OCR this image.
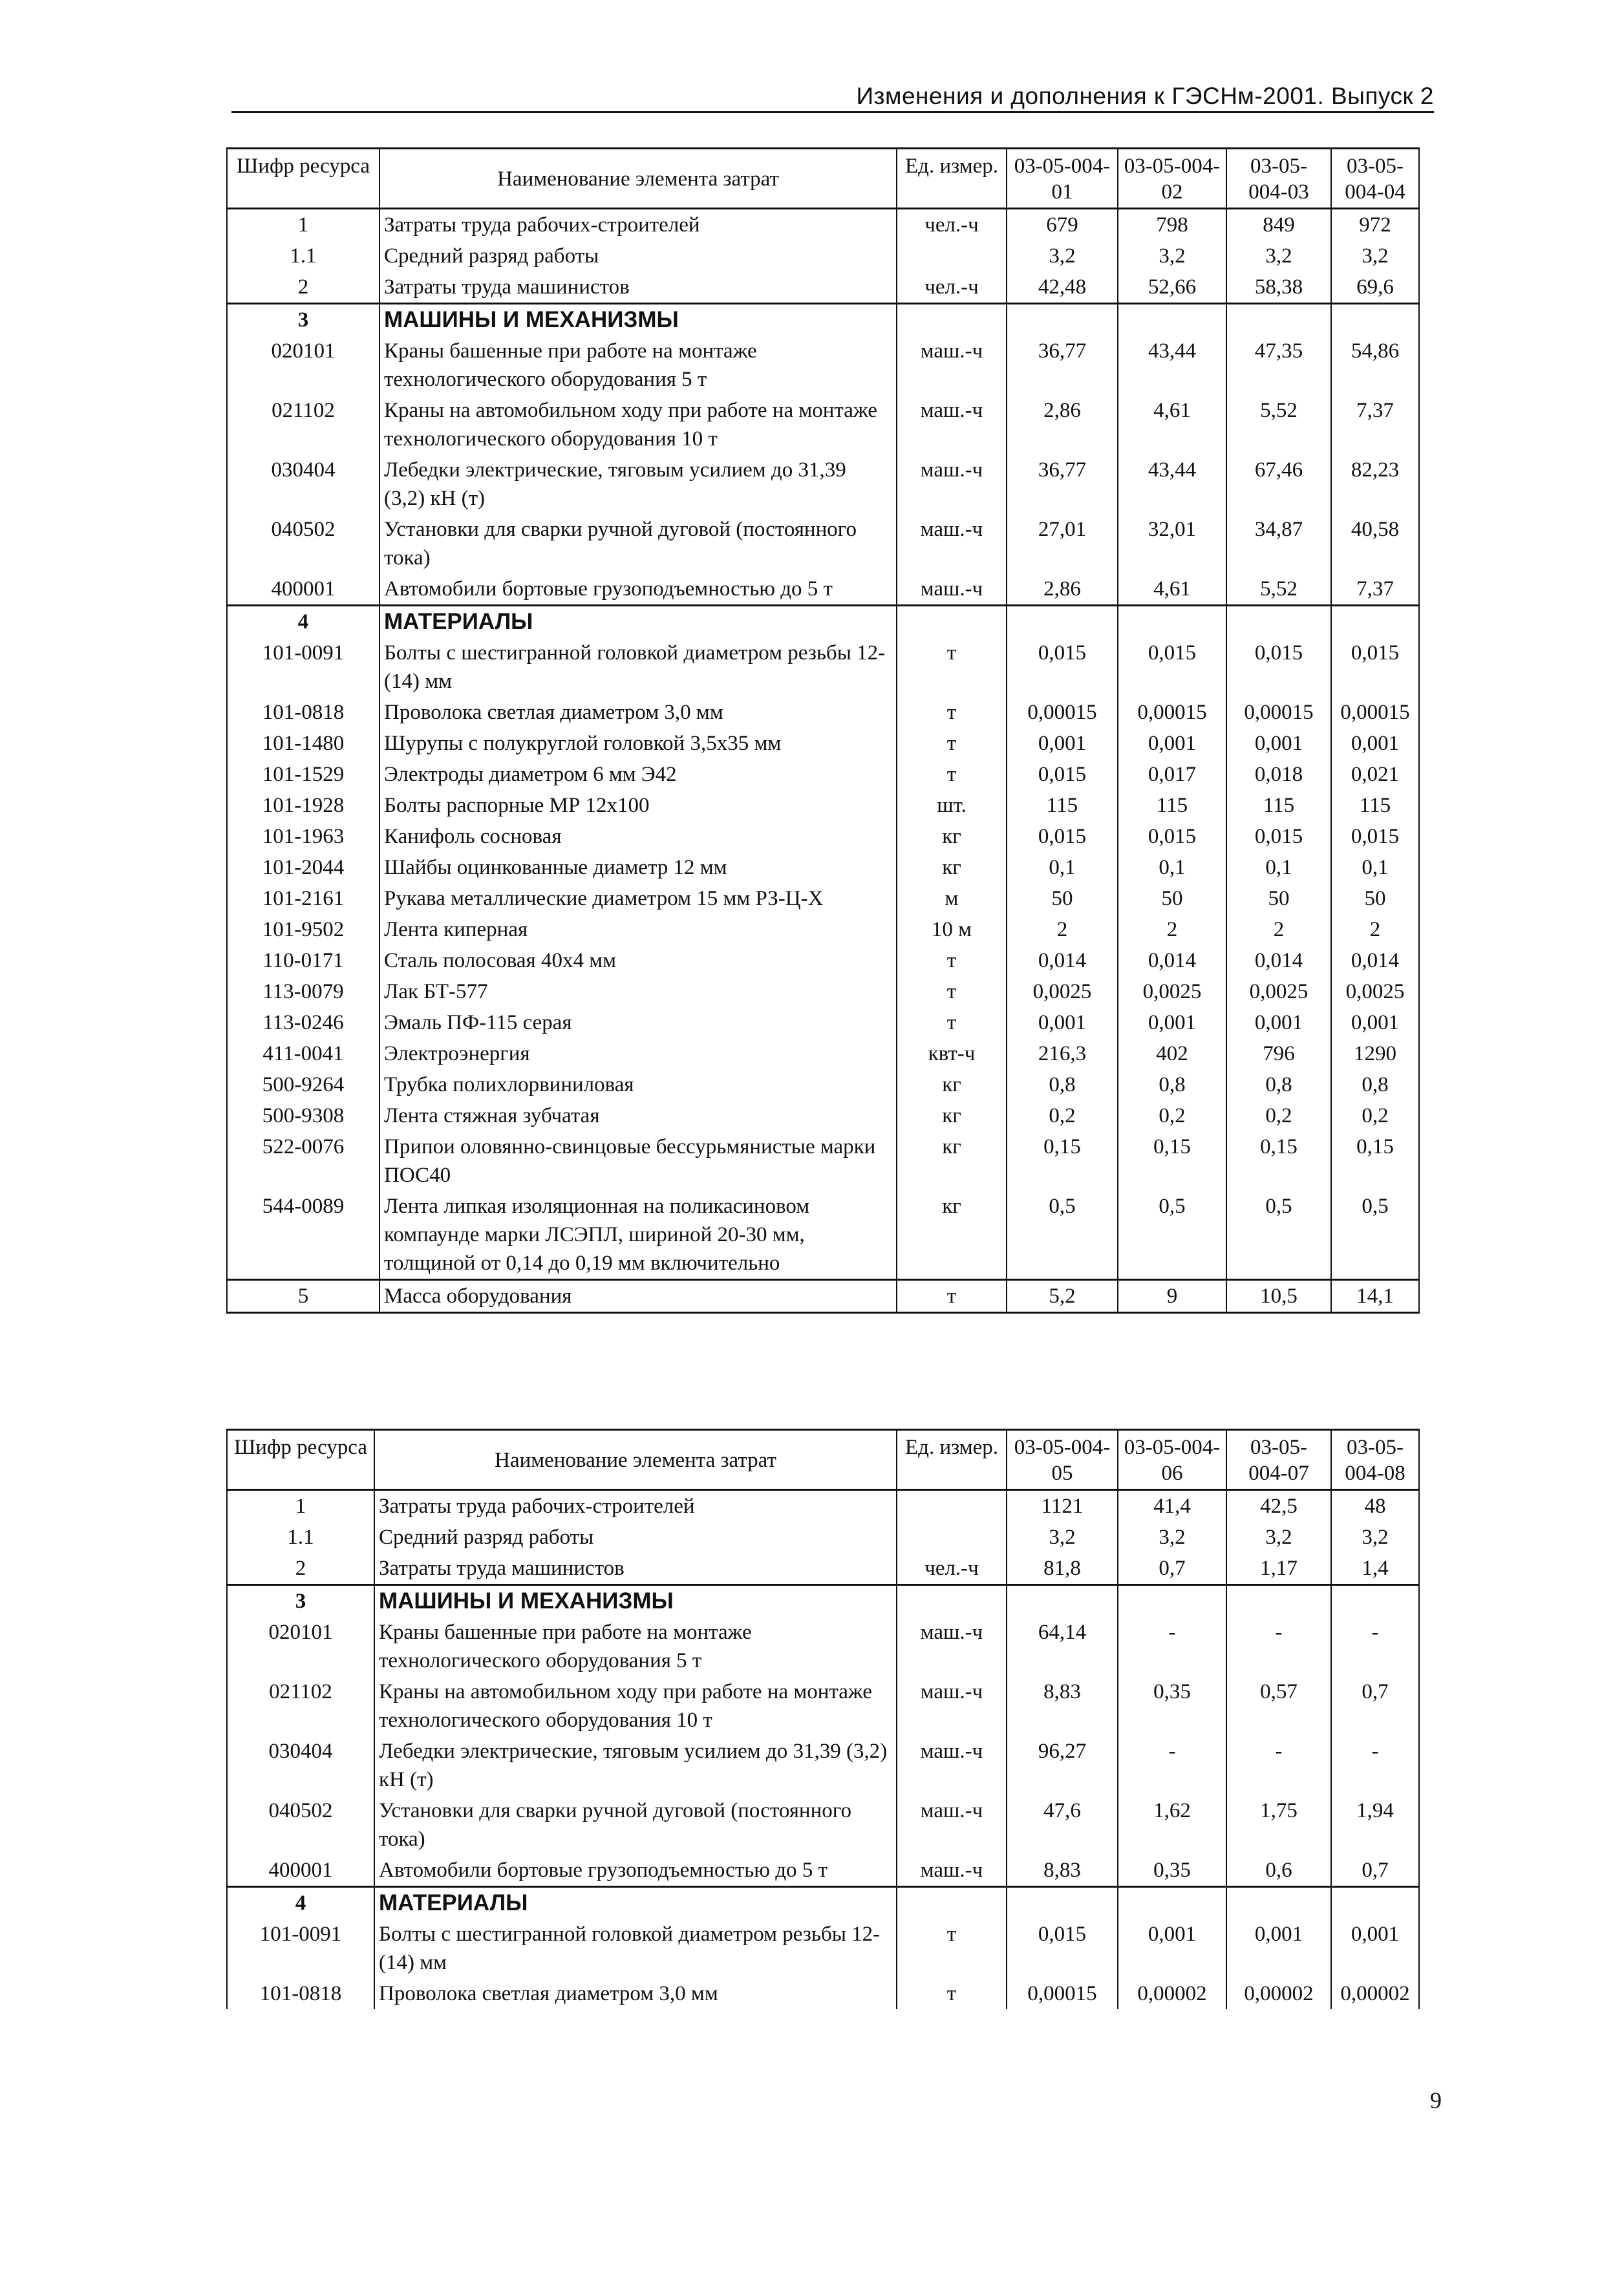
Изменения и дополнения к ГЭСНм-2001. Выпуск 2
Шифр ресурса	Наименование элемента затрат	Ед. измер.	03-05-004-01	03-05-004-02	03-05-004-03	03-05-004-04
1	Затраты труда рабочих-строителей	чел.-ч	679	798	849	972
1.1	Средний разряд работы		3,2	3,2	3,2	3,2
2	Затраты труда машинистов	чел.-ч	42,48	52,66	58,38	69,6
3	МАШИНЫ И МЕХАНИЗМЫ					
020101	Краны башенные при работе на монтаже технологического оборудования 5 т	маш.-ч	36,77	43,44	47,35	54,86
021102	Краны на автомобильном ходу при работе на монтаже технологического оборудования 10 т	маш.-ч	2,86	4,61	5,52	7,37
030404	Лебедки электрические, тяговым усилием до 31,39 (3,2) кН (т)	маш.-ч	36,77	43,44	67,46	82,23
040502	Установки для сварки ручной дуговой (постоянного тока)	маш.-ч	27,01	32,01	34,87	40,58
400001	Автомобили бортовые грузоподъемностью до 5 т	маш.-ч	2,86	4,61	5,52	7,37
4	МАТЕРИАЛЫ					
101-0091	Болты с шестигранной головкой диаметром резьбы 12- (14) мм	т	0,015	0,015	0,015	0,015
101-0818	Проволока светлая диаметром 3,0 мм	т	0,00015	0,00015	0,00015	0,00015
101-1480	Шурупы с полукруглой головкой 3,5х35 мм	т	0,001	0,001	0,001	0,001
101-1529	Электроды диаметром 6 мм Э42	т	0,015	0,017	0,018	0,021
101-1928	Болты распорные МР 12х100	шт.	115	115	115	115
101-1963	Канифоль сосновая	кг	0,015	0,015	0,015	0,015
101-2044	Шайбы оцинкованные диаметр 12 мм	кг	0,1	0,1	0,1	0,1
101-2161	Рукава металлические диаметром 15 мм РЗ-Ц-Х	м	50	50	50	50
101-9502	Лента киперная	10 м	2	2	2	2
110-0171	Сталь полосовая 40х4 мм	т	0,014	0,014	0,014	0,014
113-0079	Лак БТ-577	т	0,0025	0,0025	0,0025	0,0025
113-0246	Эмаль ПФ-115 серая	т	0,001	0,001	0,001	0,001
411-0041	Электроэнергия	квт-ч	216,3	402	796	1290
500-9264	Трубка полихлорвиниловая	кг	0,8	0,8	0,8	0,8
500-9308	Лента стяжная зубчатая	кг	0,2	0,2	0,2	0,2
522-0076	Припои оловянно-свинцовые бессурьмянистые марки ПОС40	кг	0,15	0,15	0,15	0,15
544-0089	Лента липкая изоляционная на поликасиновом компаунде марки ЛСЭПЛ, шириной 20-30 мм, толщиной от 0,14 до 0,19 мм включительно	кг	0,5	0,5	0,5	0,5
5	Масса оборудования	т	5,2	9	10,5	14,1
Шифр ресурса	Наименование элемента затрат	Ед. измер.	03-05-004-05	03-05-004-06	03-05-004-07	03-05-004-08
1	Затраты труда рабочих-строителей		1121	41,4	42,5	48
1.1	Средний разряд работы		3,2	3,2	3,2	3,2
2	Затраты труда машинистов	чел.-ч	81,8	0,7	1,17	1,4
3	МАШИНЫ И МЕХАНИЗМЫ					
020101	Краны башенные при работе на монтаже технологического оборудования 5 т	маш.-ч	64,14	-	-	-
021102	Краны на автомобильном ходу при работе на монтаже технологического оборудования 10 т	маш.-ч	8,83	0,35	0,57	0,7
030404	Лебедки электрические, тяговым усилием до 31,39 (3,2) кН (т)	маш.-ч	96,27	-	-	-
040502	Установки для сварки ручной дуговой (постоянного тока)	маш.-ч	47,6	1,62	1,75	1,94
400001	Автомобили бортовые грузоподъемностью до 5 т	маш.-ч	8,83	0,35	0,6	0,7
4	МАТЕРИАЛЫ					
101-0091	Болты с шестигранной головкой диаметром резьбы 12- (14) мм	т	0,015	0,001	0,001	0,001
101-0818	Проволока светлая диаметром 3,0 мм	т	0,00015	0,00002	0,00002	0,00002
9
